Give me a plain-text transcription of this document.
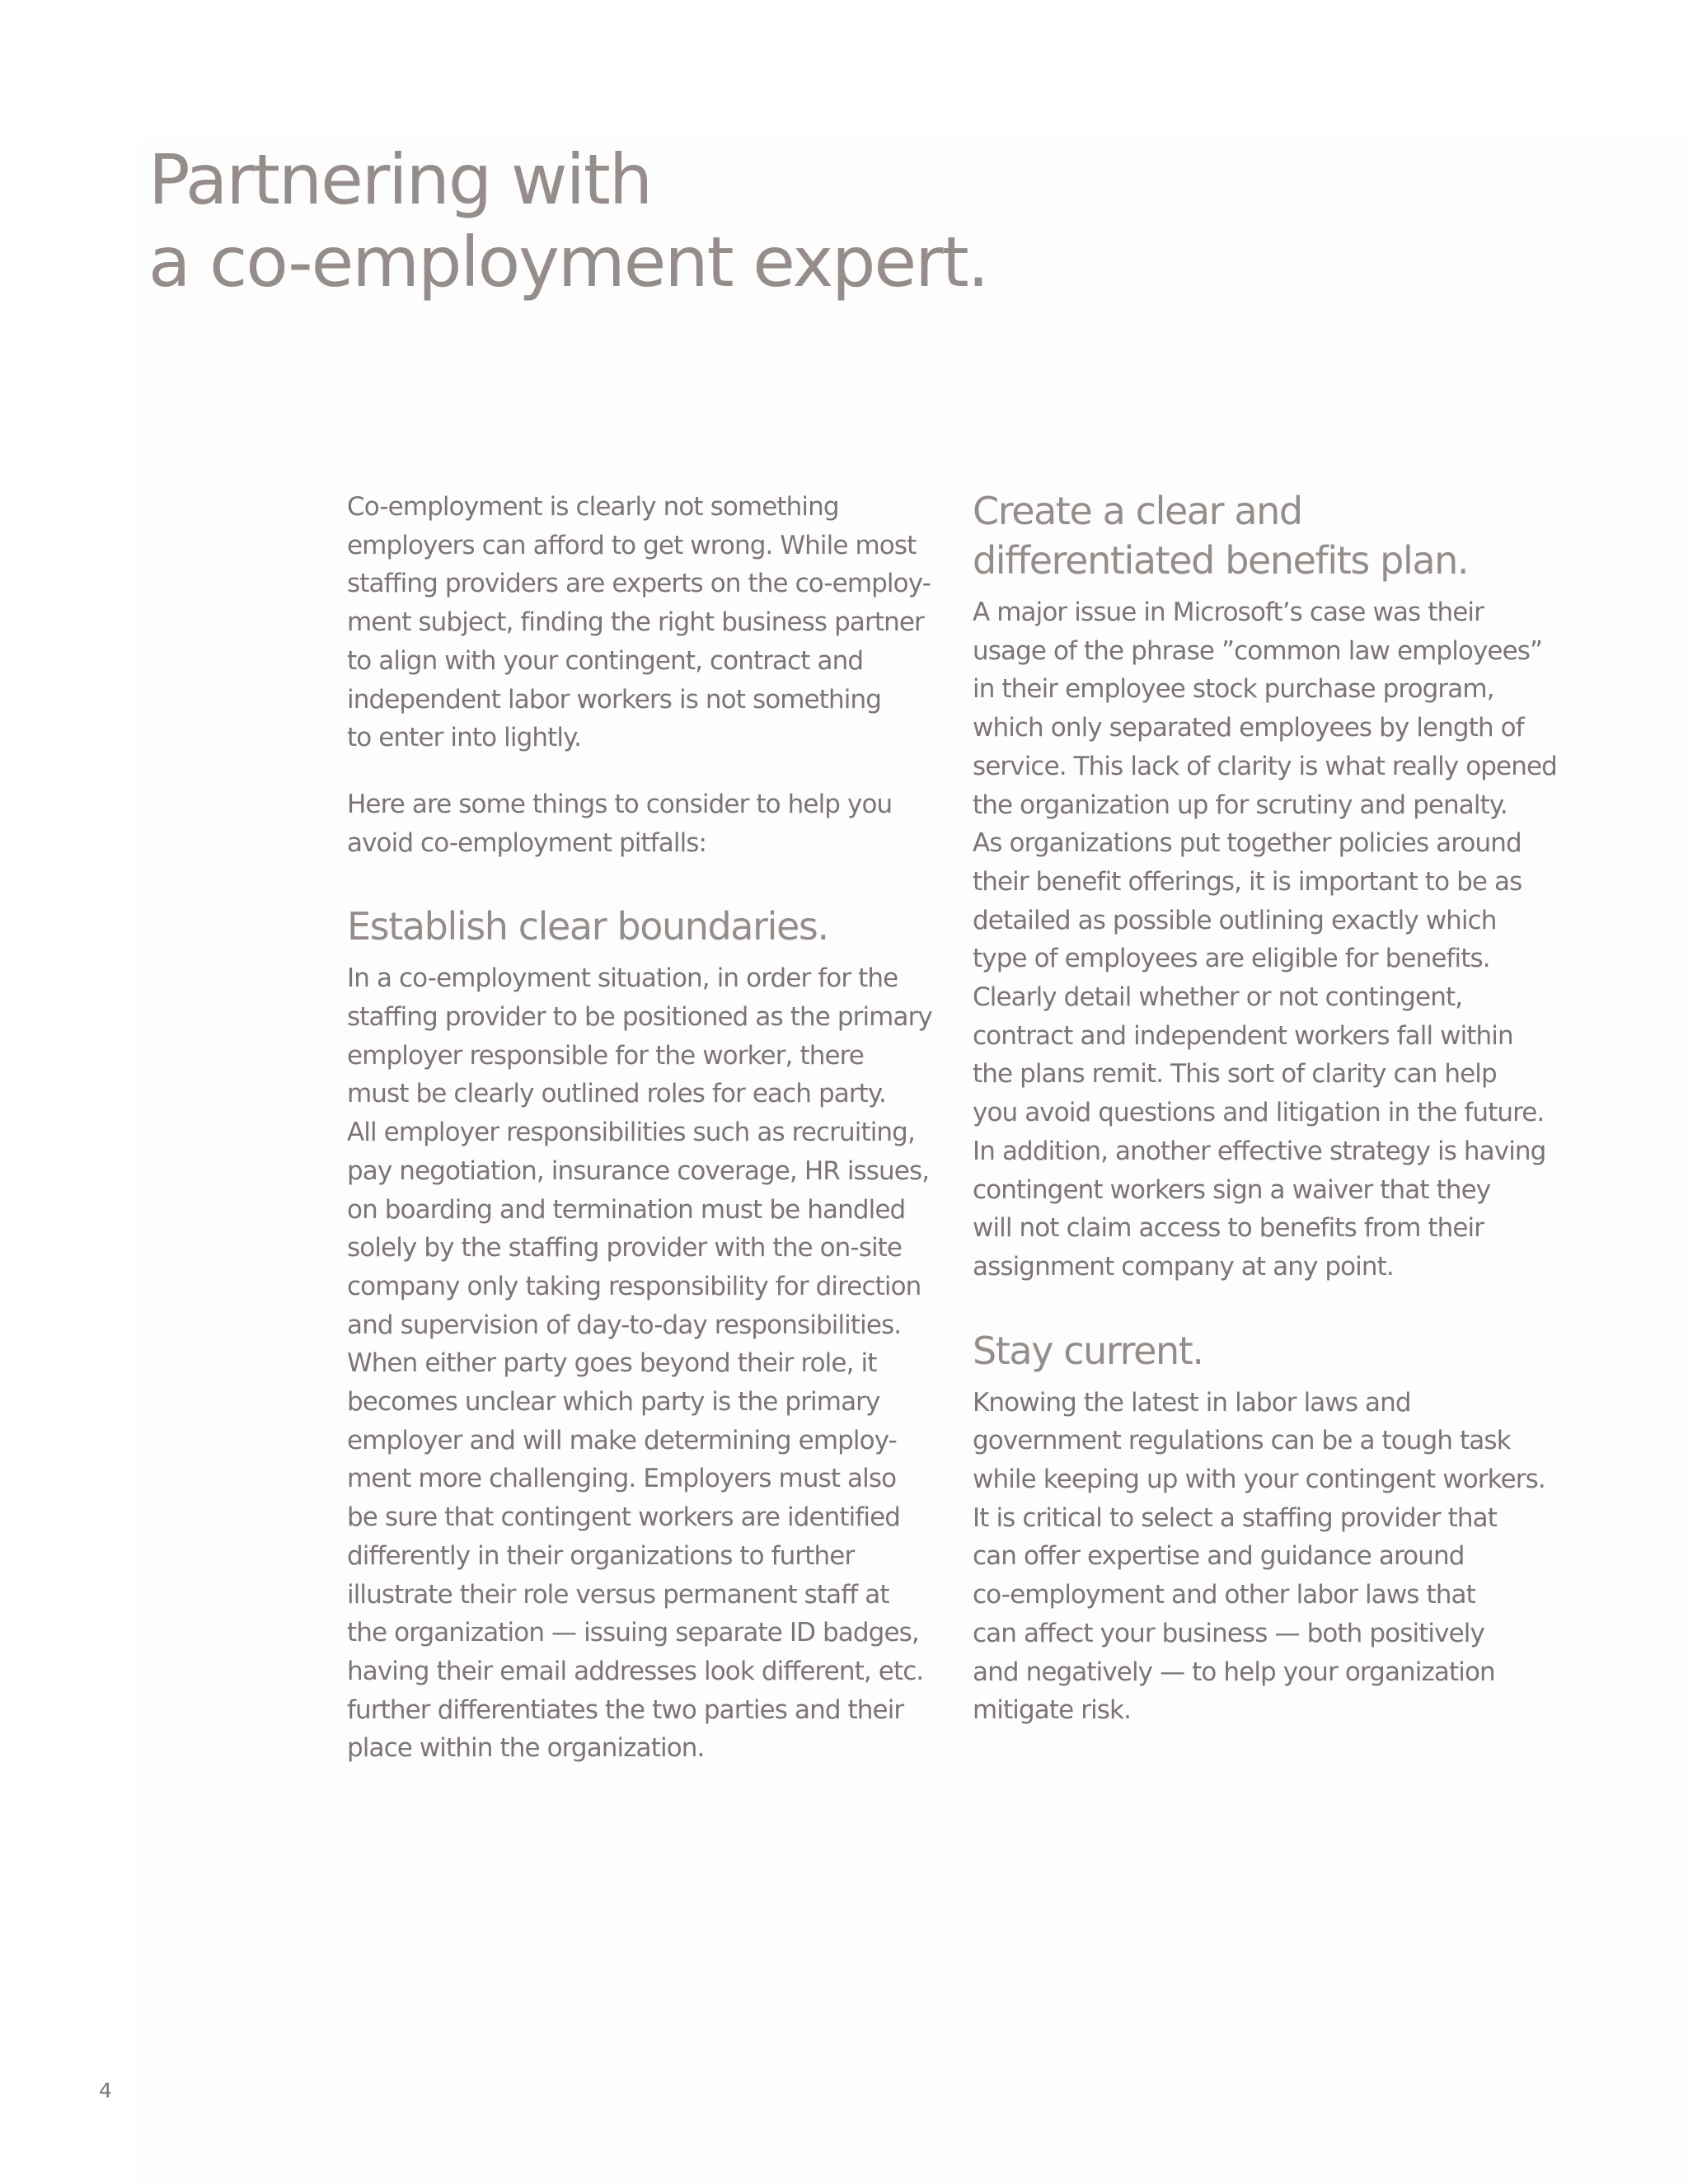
Partnering with
a co-employment expert.

Co-employment is clearly not something
employers can afford to get wrong. While most
staffing providers are experts on the co-employ-
ment subject, finding the right business partner
to align with your contingent, contract and
independent labor workers is not something
to enter into lightly.

Here are some things to consider to help you
avoid co-employment pitfalls:

Establish clear boundaries.

In a co-employment situation, in order for the
staffing provider to be positioned as the primary
employer responsible for the worker, there
must be clearly outlined roles for each party.
All employer responsibilities such as recruiting,
pay negotiation, insurance coverage, HR issues,
on boarding and termination must be handled
solely by the staffing provider with the on-site
company only taking responsibility for direction
and supervision of day-to-day responsibilities.
When either party goes beyond their role, it
becomes unclear which party is the primary
employer and will make determining employ-
ment more challenging. Employers must also
be sure that contingent workers are identified
differently in their organizations to further
illustrate their role versus permanent staff at
the organization — issuing separate ID badges,
having their email addresses look different, etc.
further differentiates the two parties and their
place within the organization.

Create a clear and
differentiated benefits plan.

A major issue in Microsoft’s case was their
usage of the phrase ”common law employees”
in their employee stock purchase program,
which only separated employees by length of
service. This lack of clarity is what really opened
the organization up for scrutiny and penalty.
As organizations put together policies around
their benefit offerings, it is important to be as
detailed as possible outlining exactly which
type of employees are eligible for benefits.
Clearly detail whether or not contingent,
contract and independent workers fall within
the plans remit. This sort of clarity can help
you avoid questions and litigation in the future.
In addition, another effective strategy is having
contingent workers sign a waiver that they
will not claim access to benefits from their
assignment company at any point.

Stay current.

Knowing the latest in labor laws and
government regulations can be a tough task
while keeping up with your contingent workers.
It is critical to select a staffing provider that
can offer expertise and guidance around
co-employment and other labor laws that
can affect your business — both positively
and negatively — to help your organization
mitigate risk.

4
